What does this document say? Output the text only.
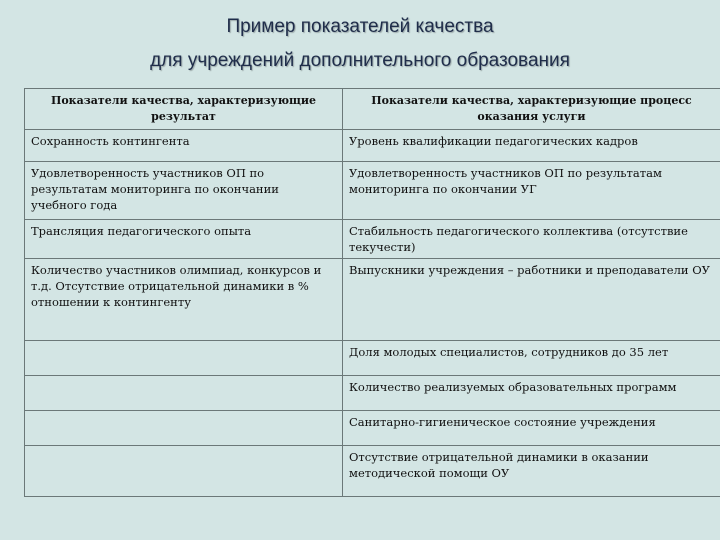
Пример показателей качества
для учреждений дополнительного образования
Показатели качества, характеризующие результат	Показатели качества, характеризующие процесс оказания услуги
Сохранность контингента	Уровень квалификации педагогических кадров
Удовлетворенность участников ОП по результатам мониторинга по окончании учебного года	Удовлетворенность участников ОП по результатам мониторинга по окончании УГ
Трансляция педагогического опыта	Стабильность педагогического коллектива (отсутствие текучести)
Количество участников олимпиад, конкурсов и т.д. Отсутствие отрицательной динамики в % отношении к контингенту	Выпускники учреждения – работники и преподаватели ОУ
	Доля молодых специалистов, сотрудников до 35 лет
	Количество реализуемых образовательных программ
	Санитарно-гигиеническое состояние учреждения
	Отсутствие отрицательной динамики в оказании методической помощи ОУ
